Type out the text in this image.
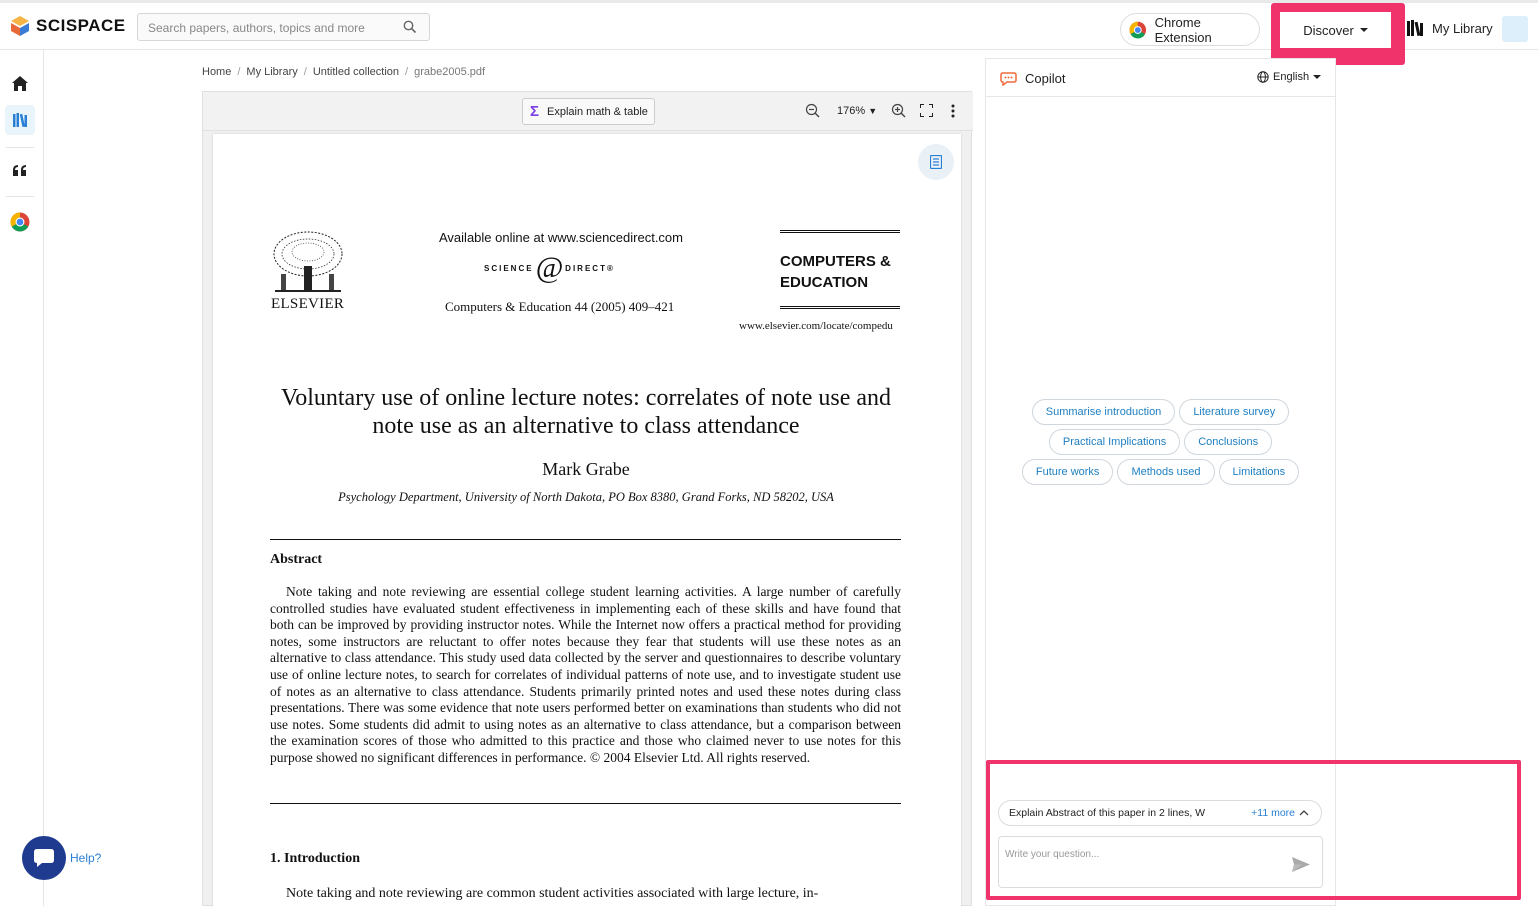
SCISPACE	Search papers, authors, topics and more	Chrome Extension	Discover	My Library
Help?
Home / My Library / Untitled collection / grabe2005.pdf
Σ Explain math & table	176% ▼
ELSEVIER
Available online at www.sciencedirect.com
SCIENCE @ DIRECT®
Computers & Education 44 (2005) 409–421
COMPUTERS &
EDUCATION
www.elsevier.com/locate/compedu
Voluntary use of online lecture notes: correlates of note use and note use as an alternative to class attendance
Mark Grabe
Psychology Department, University of North Dakota, PO Box 8380, Grand Forks, ND 58202, USA
Abstract
Note taking and note reviewing are essential college student learning activities. A large number of carefully controlled studies have evaluated student effectiveness in implementing each of these skills and have found that both can be improved by providing instructor notes. While the Internet now offers a practical method for providing notes, some instructors are reluctant to offer notes because they fear that students will use these notes as an alternative to class attendance. This study used data collected by the server and questionnaires to describe voluntary use of online lecture notes, to search for correlates of individual patterns of note use, and to investigate student use of notes as an alternative to class attendance. Students primarily printed notes and used these notes during class presentations. There was some evidence that note users performed better on examinations than students who did not use notes. Some students did admit to using notes as an alternative to class attendance, but a comparison between the examination scores of those who admitted to this practice and those who claimed never to use notes for this purpose showed no significant differences in performance. © 2004 Elsevier Ltd. All rights reserved.
1. Introduction
Note taking and note reviewing are common student activities associated with large lecture, in-
Copilot	English
Summarise introduction	Literature survey
Practical Implications	Conclusions
Future works	Methods used	Limitations
Explain Abstract of this paper in 2 lines, W	+11 more
Write your question...
